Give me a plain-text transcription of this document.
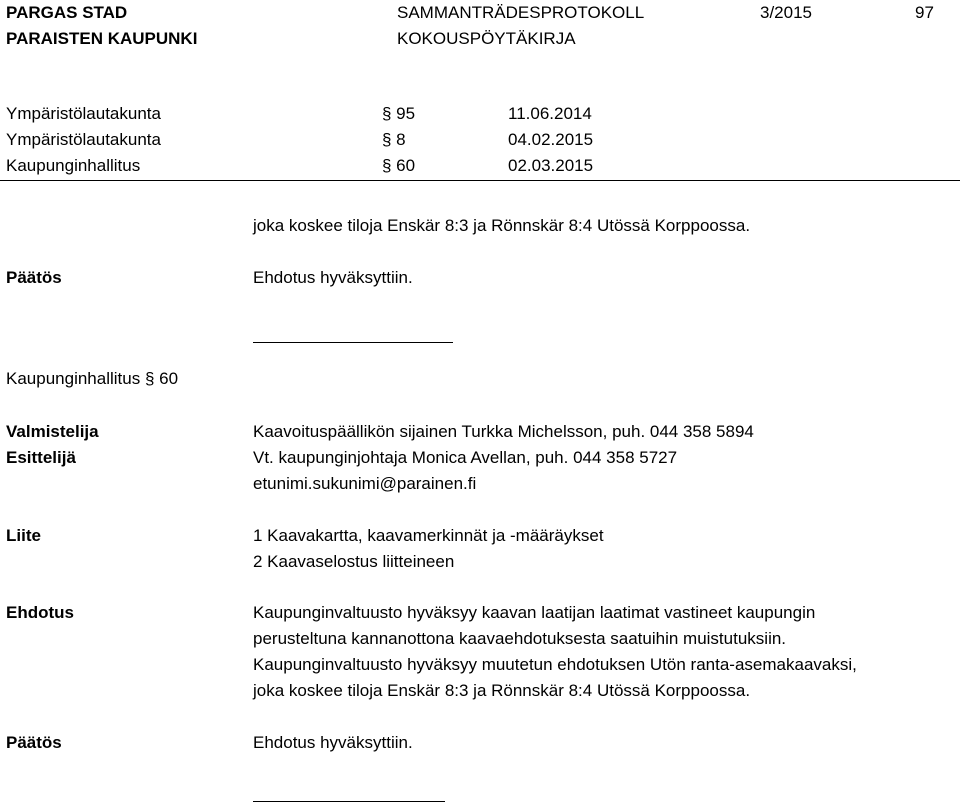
PARGAS STAD
PARAISTEN KAUPUNKI
SAMMANTRÄDESPROTOKOLL
KOKOUSPÖYTÄKIRJA
3/2015	97
Ympäristölautakunta	§ 95	11.06.2014
Ympäristölautakunta	§ 8	04.02.2015
Kaupunginhallitus	§ 60	02.03.2015
joka koskee tiloja Enskär 8:3 ja Rönnskär 8:4 Utössä Korppoossa.
Päätös	Ehdotus hyväksyttiin.
Kaupunginhallitus § 60
Valmistelija	Kaavoituspäällikön sijainen Turkka Michelsson, puh. 044 358 5894
Esittelijä	Vt. kaupunginjohtaja Monica Avellan, puh. 044 358 5727
etunimi.sukunimi@parainen.fi
Liite	1 Kaavakartta, kaavamerkinnät ja -määräykset
2 Kaavaselostus liitteineen
Ehdotus	Kaupunginvaltuusto hyväksyy kaavan laatijan laatimat vastineet kaupungin
perusteltuna kannanottona kaavaehdotuksesta saatuihin muistutuksiin.
Kaupunginvaltuusto hyväksyy muutetun ehdotuksen Utön ranta-asemakaavaksi,
joka koskee tiloja Enskär 8:3 ja Rönnskär 8:4 Utössä Korppoossa.
Päätös	Ehdotus hyväksyttiin.
